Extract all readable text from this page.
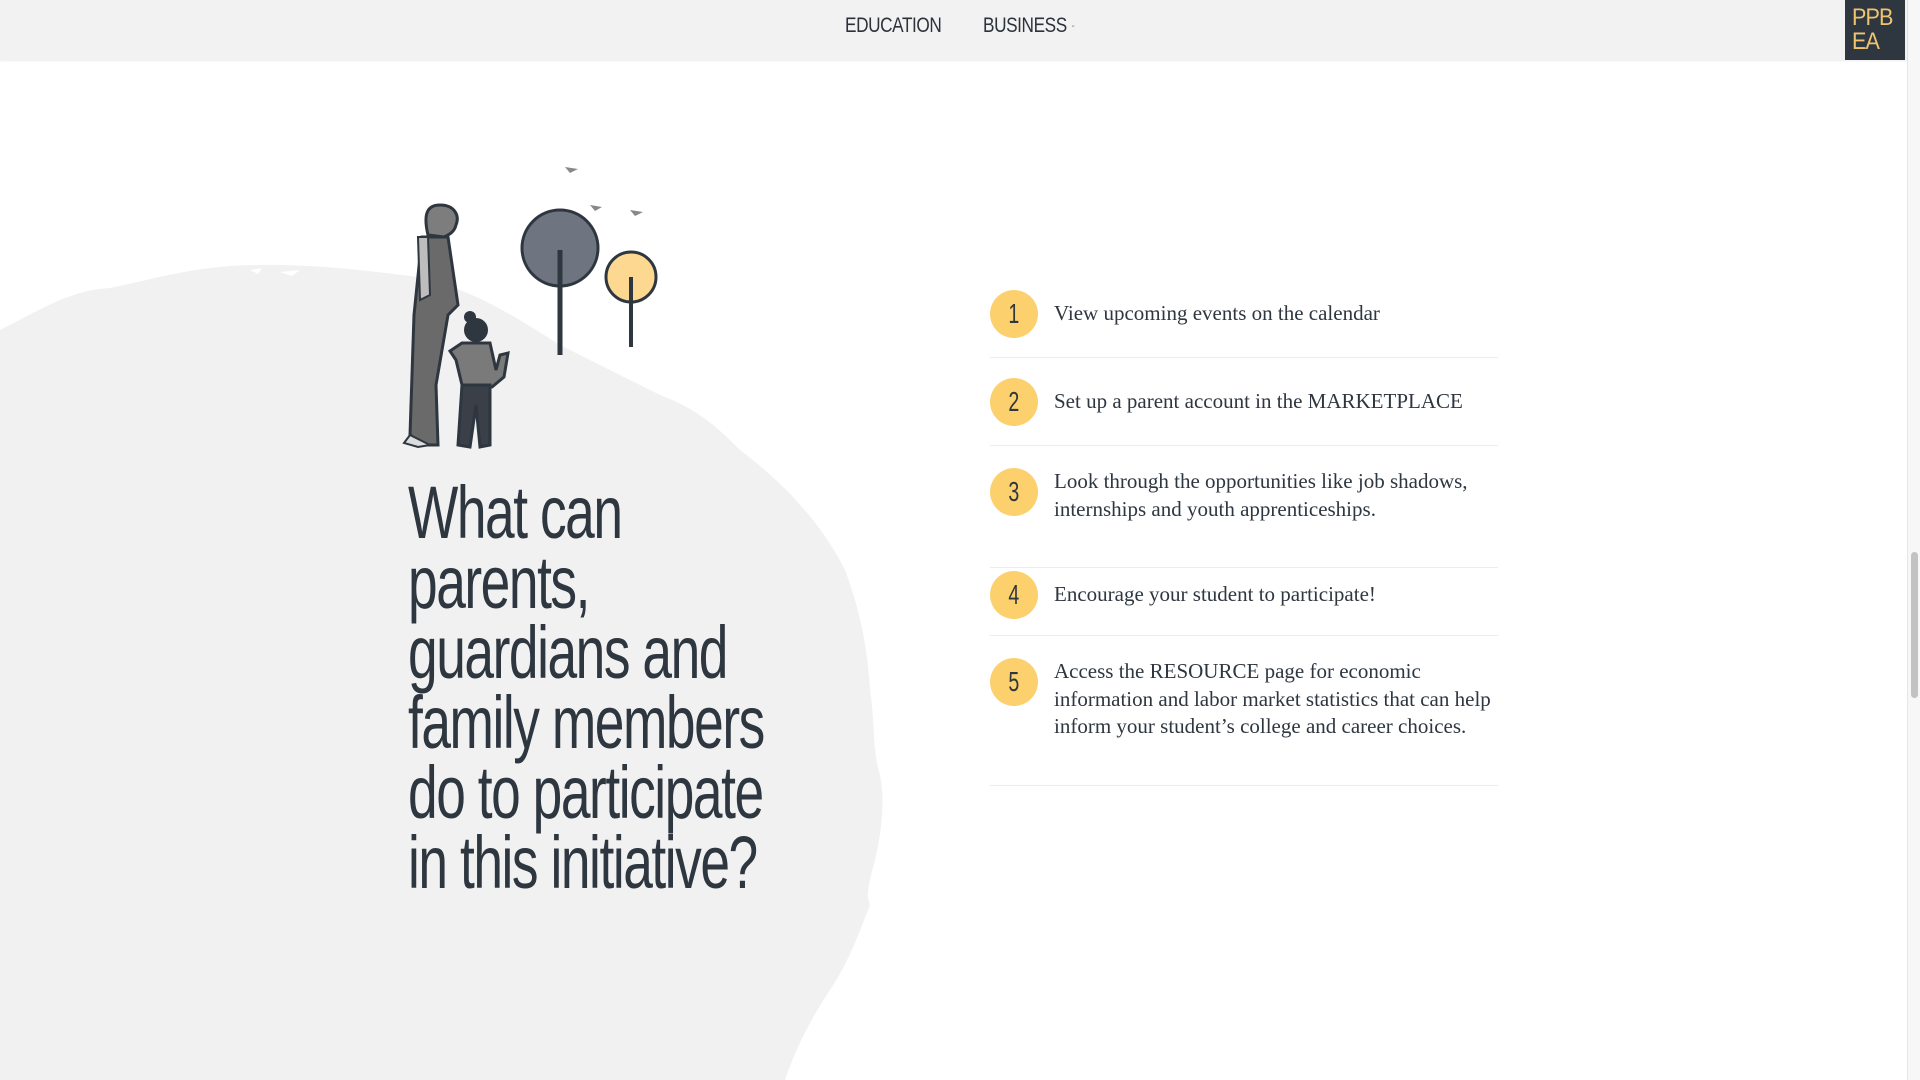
EDUCATION BUSINESS	PPB
EA
What can parents, guardians and family members do to participate in this initiative?
1 View upcoming events on the calendar
2 Set up a parent account in the MARKETPLACE
3 Look through the opportunities like job shadows, internships and youth apprenticeships.
4 Encourage your student to participate!
5 Access the RESOURCE page for economic information and labor market statistics that can help inform your student’s college and career choices.
